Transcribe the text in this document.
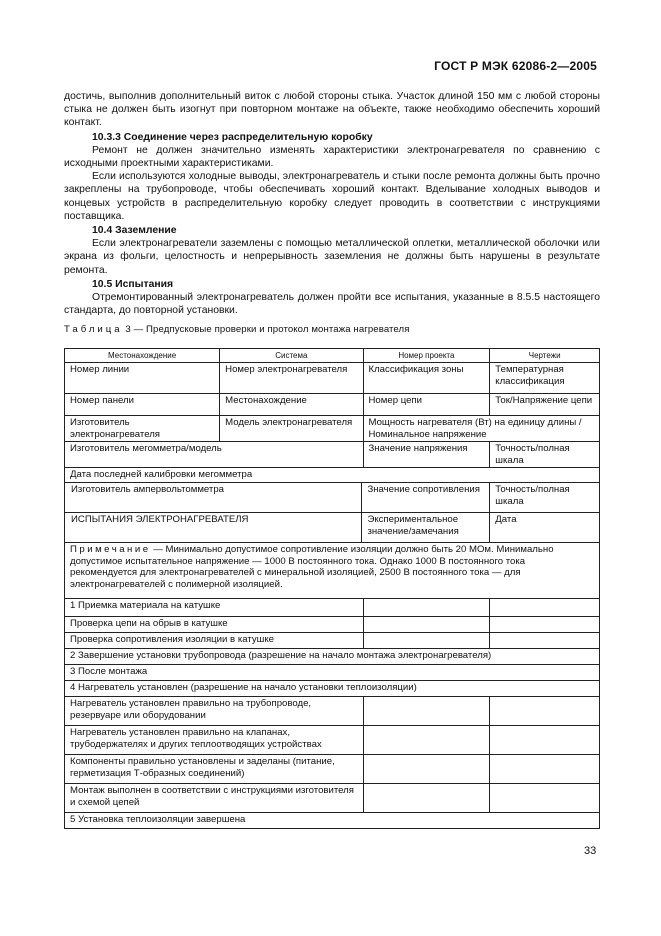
ГОСТ Р МЭК 62086-2—2005

достичь, выполнив дополнительный виток с любой стороны стыка. Участок длиной 150 мм с любой стороны стыка не должен быть изогнут при повторном монтаже на объекте, также необходимо обеспечить хороший контакт.

10.3.3 Соединение через распределительную коробку

Ремонт не должен значительно изменять характеристики электронагревателя по сравнению с исходными проектными характеристиками.

Если используются холодные выводы, электронагреватель и стыки после ремонта должны быть прочно закреплены на трубопроводе, чтобы обеспечивать хороший контакт. Вделывание холодных выводов и концевых устройств в распределительную коробку следует проводить в соответствии с инструкциями поставщика.

10.4 Заземление

Если электронагреватели заземлены с помощью металлической оплетки, металлической оболочки или экрана из фольги, целостность и непрерывность заземления не должны быть нарушены в результате ремонта.

10.5 Испытания

Отремонтированный электронагреватель должен пройти все испытания, указанные в 8.5.5 настоящего стандарта, до повторной установки.

Таблица 3 — Предпусковые проверки и протокол монтажа нагревателя
Местонахождение	Система		Номер проекта	Чертежи
Номер линии	Номер электронагревателя		Классификация зоны	Температурная классификация
Номер панели	Местонахождение		Номер цепи	Ток/Напряжение цепи
Изготовитель электронагревателя	Модель электронагревателя		Мощность нагревателя (Вт) на единицу длины / Номинальное напряжение	
Изготовитель мегомметра/модель			Значение напряжения	Точность/полная шкала
Дата последней калибровки мегомметра				
Изготовитель ампервольтомметра		Значение сопротивления		Точность/полная шкала
ИСПЫТАНИЯ ЭЛЕКТРОНАГРЕВАТЕЛЯ		Экспериментальное значение/замечания		Дата
Примечание — Минимально допустимое сопротивление изоляции должно быть 20 МОм. Минимально допустимое испытательное напряжение — 1000 В постоянного тока. Однако 1000 В постоянного тока рекомендуется для электронагревателей с минеральной изоляцией, 2500 В постоянного тока — для электронагревателей с полимерной изоляцией.				
1 Приемка материала на катушке				
Проверка цепи на обрыв в катушке				
Проверка сопротивления изоляции в катушке				
2 Завершение установки трубопровода (разрешение на начало монтажа электронагревателя)				
3 После монтажа				
4 Нагреватель установлен (разрешение на начало установки теплоизоляции)				
Нагреватель установлен правильно на трубопроводе, резервуаре или оборудовании				
Нагреватель установлен правильно на клапанах, трубодержателях и других теплоотводящих устройствах				
Компоненты правильно установлены и заделаны (питание, герметизация Т-образных соединений)				
Монтаж выполнен в соответствии с инструкциями изготовителя и схемой цепей				
5 Установка теплоизоляции завершена				
33
